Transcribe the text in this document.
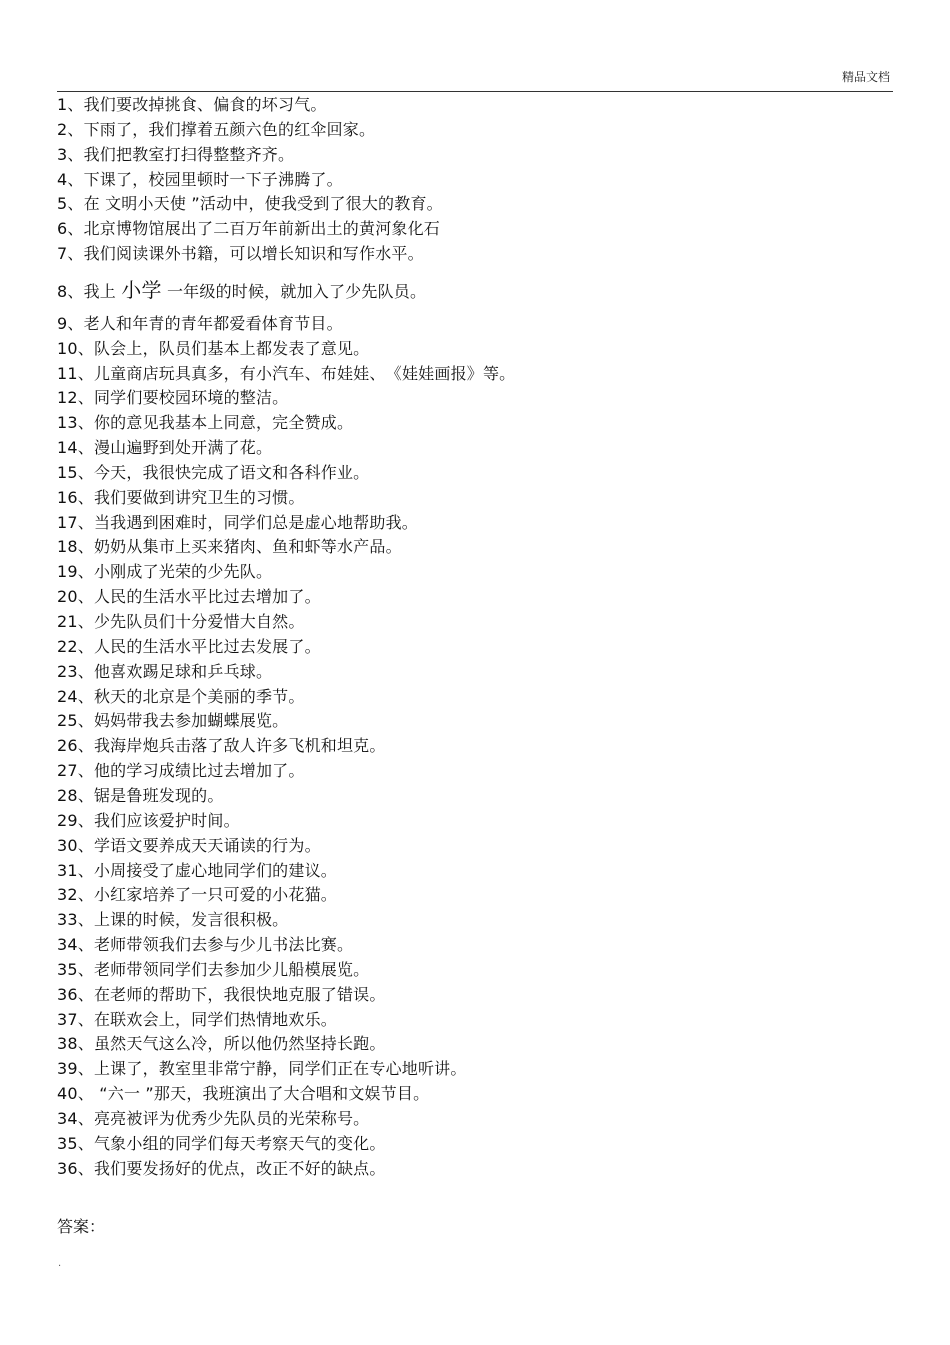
精品文档
1、我们要改掉挑食、偏食的坏习气。
2、下雨了，我们撑着五颜六色的红伞回家。
3、我们把教室打扫得整整齐齐。
4、下课了，校园里顿时一下子沸腾了。
5、在 文明小天使 ”活动中，使我受到了很大的教育。
6、北京博物馆展出了二百万年前新出土的黄河象化石
7、我们阅读课外书籍，可以增长知识和写作水平。
8、我上 小学 一年级的时候，就加入了少先队员。
9、老人和年青的青年都爱看体育节目。
10、队会上，队员们基本上都发表了意见。
11、儿童商店玩具真多，有小汽车、布娃娃、　《娃娃画报》等。
12、同学们要校园环境的整洁。
13、你的意见我基本上同意，完全赞成。
14、漫山遍野到处开满了花。
15、今天，我很快完成了语文和各科作业。
16、我们要做到讲究卫生的习惯。
17、当我遇到困难时，同学们总是虚心地帮助我。
18、奶奶从集市上买来猪肉、鱼和虾等水产品。
19、小刚成了光荣的少先队。
20、人民的生活水平比过去增加了。
21、少先队员们十分爱惜大自然。
22、人民的生活水平比过去发展了。
23、他喜欢踢足球和乒乓球。
24、秋天的北京是个美丽的季节。
25、妈妈带我去参加蝴蝶展览。
26、我海岸炮兵击落了敌人许多飞机和坦克。
27、他的学习成绩比过去增加了。
28、锯是鲁班发现的。
29、我们应该爱护时间。
30、学语文要养成天天诵读的行为。
31、小周接受了虚心地同学们的建议。
32、小红家培养了一只可爱的小花猫。
33、上课的时候，发言很积极。
34、老师带领我们去参与少儿书法比赛。
35、老师带领同学们去参加少儿船模展览。
36、在老师的帮助下，我很快地克服了错误。
37、在联欢会上，同学们热情地欢乐。
38、虽然天气这么冷，所以他仍然坚持长跑。
39、上课了，教室里非常宁静，同学们正在专心地听讲。
40、 “六一 ”那天，我班演出了大合唱和文娱节目。
34、亮亮被评为优秀少先队员的光荣称号。
35、气象小组的同学们每天考察天气的变化。
36、我们要发扬好的优点，改正不好的缺点。
答案：
.
